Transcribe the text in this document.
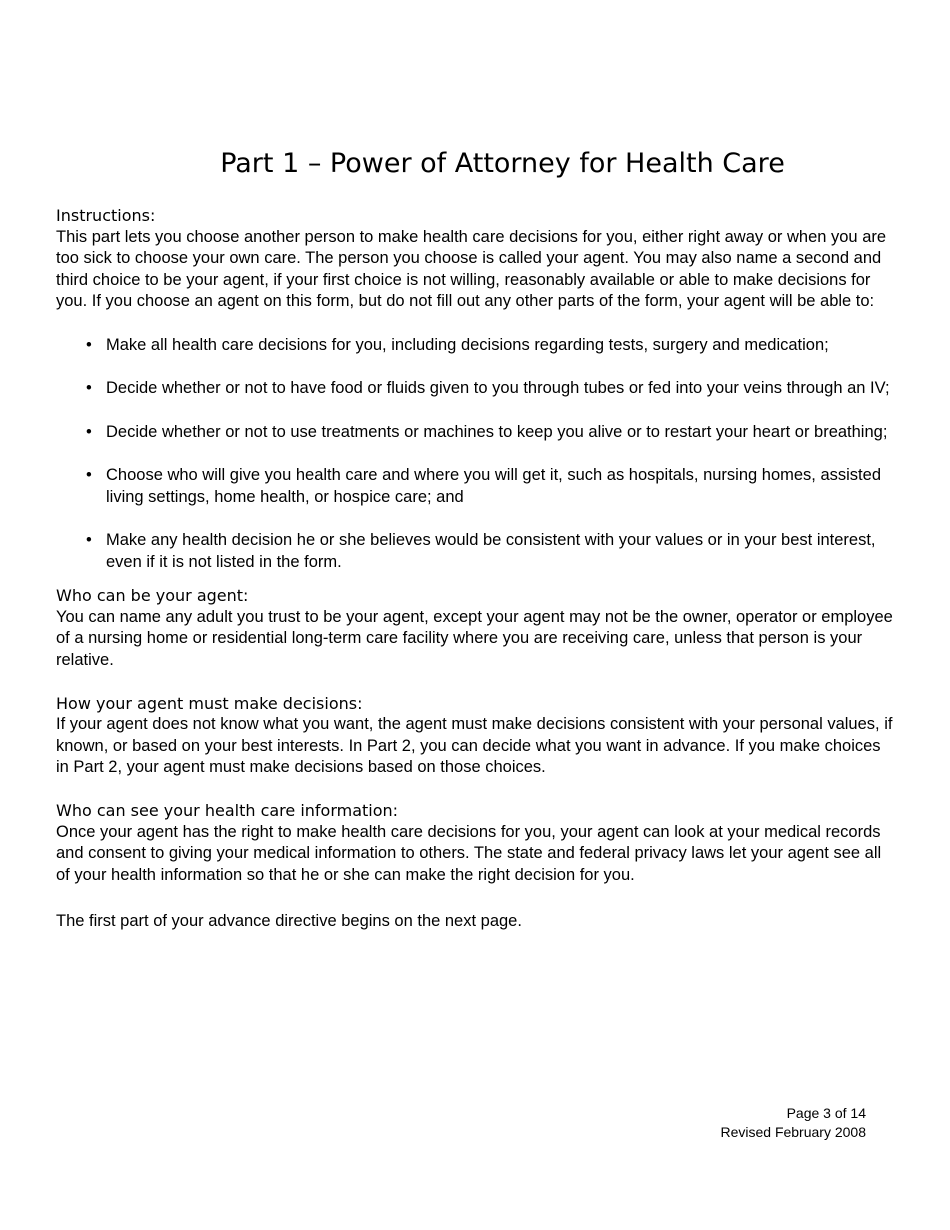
Part 1 – Power of Attorney for Health Care

Instructions:

This part lets you choose another person to make health care decisions for you, either right away or when you are too sick to choose your own care. The person you choose is called your agent. You may also name a second and third choice to be your agent, if your first choice is not willing, reasonably available or able to make decisions for you. If you choose an agent on this form, but do not fill out any other parts of the form, your agent will be able to:

• Make all health care decisions for you, including decisions regarding tests, surgery and medication;
• Decide whether or not to have food or fluids given to you through tubes or fed into your veins through an IV;
• Decide whether or not to use treatments or machines to keep you alive or to restart your heart or breathing;
• Choose who will give you health care and where you will get it, such as hospitals, nursing homes, assisted living settings, home health, or hospice care; and
• Make any health decision he or she believes would be consistent with your values or in your best interest, even if it is not listed in the form.

Who can be your agent:

You can name any adult you trust to be your agent, except your agent may not be the owner, operator or employee of a nursing home or residential long-term care facility where you are receiving care, unless that person is your relative.

How your agent must make decisions:

If your agent does not know what you want, the agent must make decisions consistent with your personal values, if known, or based on your best interests. In Part 2, you can decide what you want in advance. If you make choices in Part 2, your agent must make decisions based on those choices.

Who can see your health care information:

Once your agent has the right to make health care decisions for you, your agent can look at your medical records and consent to giving your medical information to others. The state and federal privacy laws let your agent see all of your health information so that he or she can make the right decision for you.

The first part of your advance directive begins on the next page.

Page 3 of 14
Revised February 2008
